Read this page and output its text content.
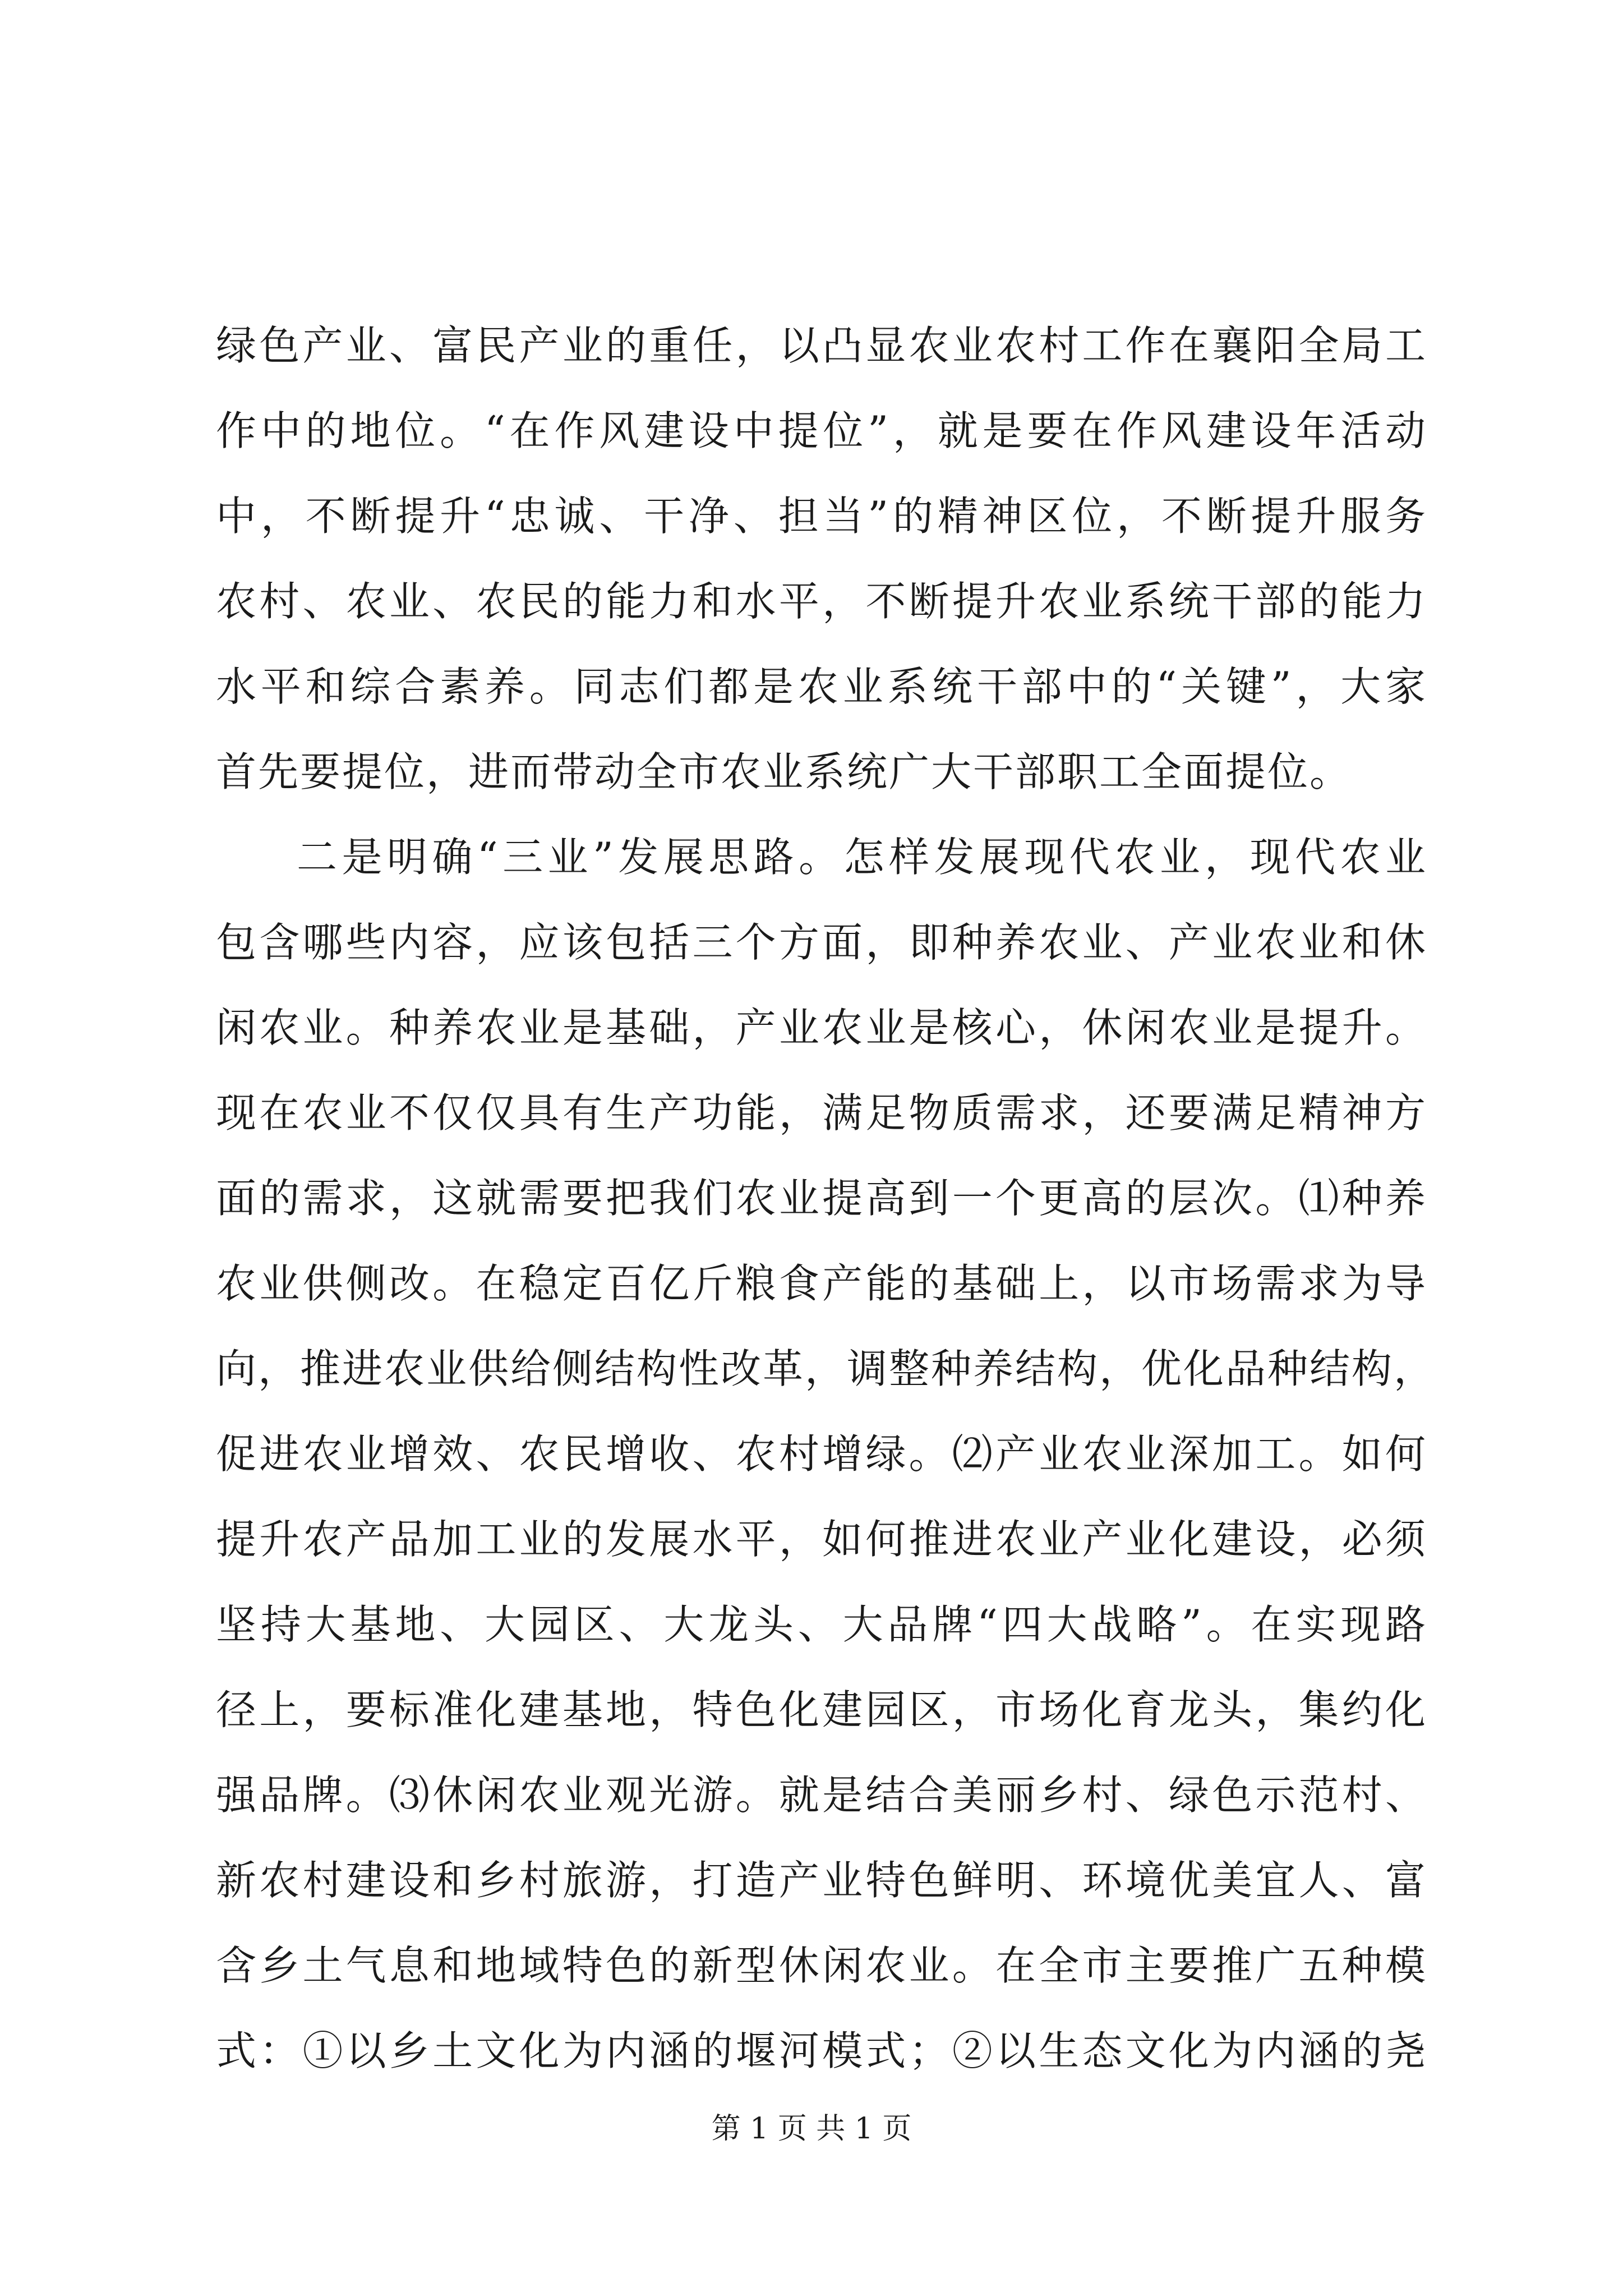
绿色产业、富民产业的重任，以凸显农业农村工作在襄阳全局工
作中的地位。“在作风建设中提位”，就是要在作风建设年活动
中，不断提升“忠诚、干净、担当”的精神区位，不断提升服务
农村、农业、农民的能力和水平，不断提升农业系统干部的能力
水平和综合素养。同志们都是农业系统干部中的“关键”，大家
首先要提位，进而带动全市农业系统广大干部职工全面提位。
二是明确“三业”发展思路。怎样发展现代农业，现代农业
包含哪些内容，应该包括三个方面，即种养农业、产业农业和休
闲农业。种养农业是基础，产业农业是核心，休闲农业是提升。
现在农业不仅仅具有生产功能，满足物质需求，还要满足精神方
面的需求，这就需要把我们农业提高到一个更高的层次。⑴种养
农业供侧改。在稳定百亿斤粮食产能的基础上，以市场需求为导
向，推进农业供给侧结构性改革，调整种养结构，优化品种结构，
促进农业增效、农民增收、农村增绿。⑵产业农业深加工。如何
提升农产品加工业的发展水平，如何推进农业产业化建设，必须
坚持大基地、大园区、大龙头、大品牌“四大战略”。在实现路
径上，要标准化建基地，特色化建园区，市场化育龙头，集约化
强品牌。⑶休闲农业观光游。就是结合美丽乡村、绿色示范村、
新农村建设和乡村旅游，打造产业特色鲜明、环境优美宜人、富
含乡土气息和地域特色的新型休闲农业。在全市主要推广五种模
式：①以乡土文化为内涵的堰河模式；②以生态文化为内涵的尧
第 1 页 共 1 页
